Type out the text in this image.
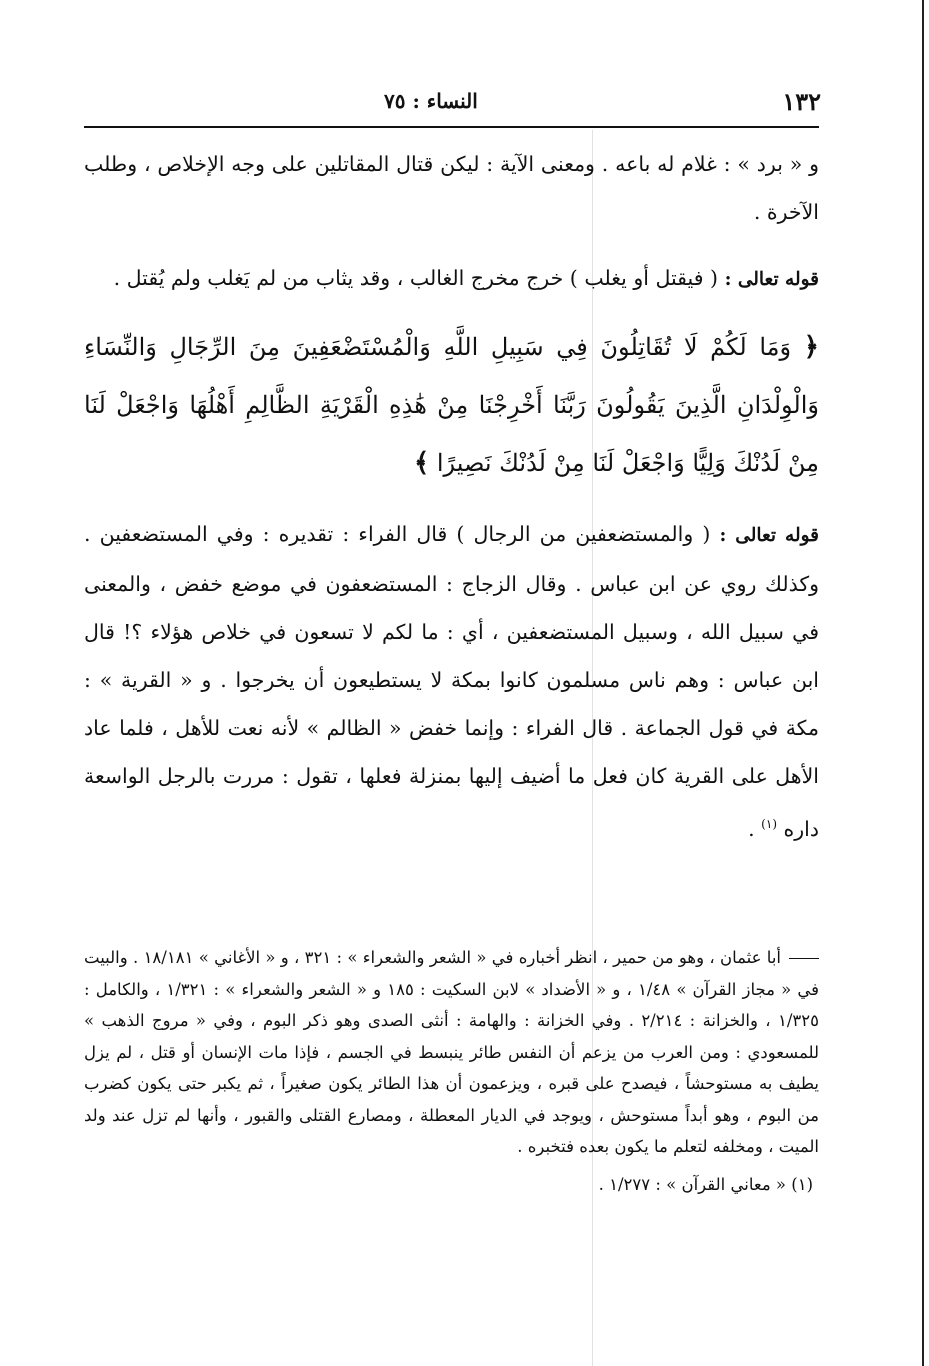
١٣٢
النساء : ٧٥

و « برد » : غلام له باعه . ومعنى الآية : ليكن قتال المقاتلين على وجه الإخلاص ، وطلب الآخرة .

قوله تعالى : ( فيقتل أو يغلب ) خرج مخرج الغالب ، وقد يثاب من لم يَغلب ولم يُقتل .

﴿ وَمَا لَكُمْ لَا تُقَاتِلُونَ فِي سَبِيلِ اللَّهِ وَالْمُسْتَضْعَفِينَ مِنَ الرِّجَالِ وَالنِّسَاءِ وَالْوِلْدَانِ الَّذِينَ يَقُولُونَ رَبَّنَا أَخْرِجْنَا مِنْ هَٰذِهِ الْقَرْيَةِ الظَّالِمِ أَهْلُهَا وَاجْعَلْ لَنَا مِنْ لَدُنْكَ وَلِيًّا وَاجْعَلْ لَنَا مِنْ لَدُنْكَ نَصِيرًا ﴾

قوله تعالى : ( والمستضعفين من الرجال ) قال الفراء : تقديره : وفي المستضعفين . وكذلك روي عن ابن عباس . وقال الزجاج : المستضعفون في موضع خفض ، والمعنى في سبيل الله ، وسبيل المستضعفين ، أي : ما لكم لا تسعون في خلاص هؤلاء ؟! قال ابن عباس : وهم ناس مسلمون كانوا بمكة لا يستطيعون أن يخرجوا . و « القرية » : مكة في قول الجماعة . قال الفراء : وإنما خفض « الظالم » لأنه نعت للأهل ، فلما عاد الأهل على القرية كان فعل ما أضيف إليها بمنزلة فعلها ، تقول : مررت بالرجل الواسعة داره $^{(١)}$ .

أبا عثمان ، وهو من حمير ، انظر أخباره في « الشعر والشعراء » : ٣٢١ ، و « الأغاني » ١٨/١٨١ . والبيت في « مجاز القرآن » ١/٤٨ ، و « الأضداد » لابن السكيت : ١٨٥ و « الشعر والشعراء » : ١/٣٢١ ، والكامل : ١/٣٢٥ ، والخزانة : ٢/٢١٤ . وفي الخزانة : والهامة : أنثى الصدى وهو ذكر البوم ، وفي « مروج الذهب » للمسعودي : ومن العرب من يزعم أن النفس طائر ينبسط في الجسم ، فإذا مات الإنسان أو قتل ، لم يزل يطيف به مستوحشاً ، فيصدح على قبره ، ويزعمون أن هذا الطائر يكون صغيراً ، ثم يكبر حتى يكون كضرب من البوم ، وهو أبداً مستوحش ، ويوجد في الديار المعطلة ، ومصارع القتلى والقبور ، وأنها لم تزل عند ولد الميت ، ومخلفه لتعلم ما يكون بعده فتخبره .

(١) « معاني القرآن » : ١/٢٧٧ .
